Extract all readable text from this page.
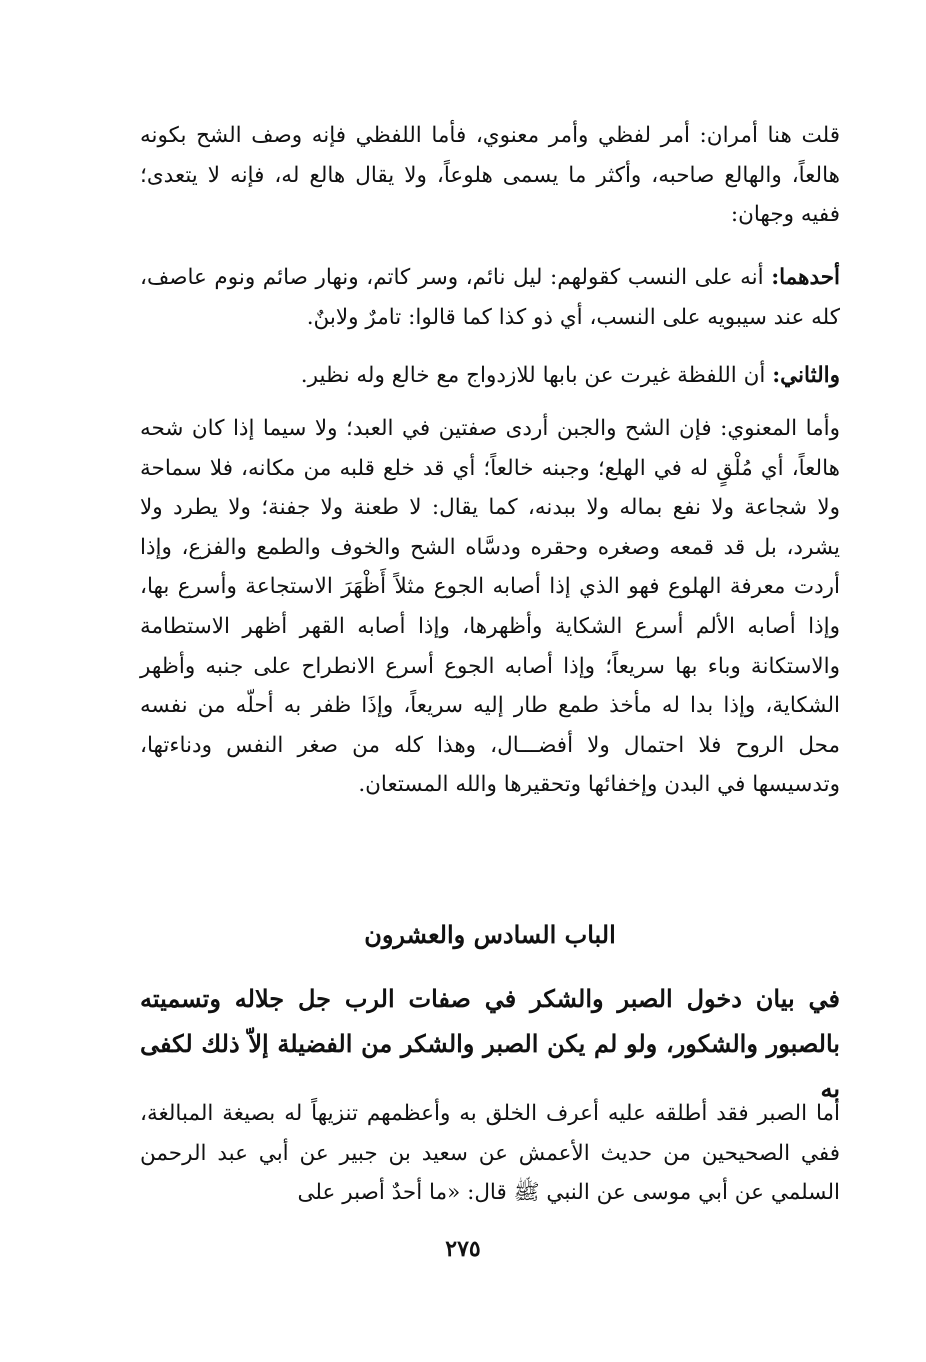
قلت هنا أمران: أمر لفظي وأمر معنوي، فأما اللفظي فإنه وصف الشح بكونه هالعاً، والهالع صاحبه، وأكثر ما يسمى هلوعاً، ولا يقال هالع له، فإنه لا يتعدى؛ ففيه وجهان:

أحدهما: أنه على النسب كقولهم: ليل نائم، وسر كاتم، ونهار صائم ونوم عاصف، كله عند سيبويه على النسب، أي ذو كذا كما قالوا: تامرٌ ولابنٌ.

والثاني: أن اللفظة غيرت عن بابها للازدواج مع خالع وله نظير.

وأما المعنوي: فإن الشح والجبن أردى صفتين في العبد؛ ولا سيما إذا كان شحه هالعاً، أي مُلْقٍ له في الهلع؛ وجبنه خالعاً؛ أي قد خلع قلبه من مكانه، فلا سماحة ولا شجاعة ولا نفع بماله ولا ببدنه، كما يقال: لا طعنة ولا جفنة؛ ولا يطرد ولا يشرد، بل قد قمعه وصغره وحقره ودسَّاه الشح والخوف والطمع والفزع، وإذا أردت معرفة الهلوع فهو الذي إذا أصابه الجوع مثلاً أَظْهَرَ الاستجاعة وأسرع بها، وإذا أصابه الألم أسرع الشكاية وأظهرها، وإذا أصابه القهر أظهر الاستطامة والاستكانة وباء بها سريعاً؛ وإذا أصابه الجوع أسرع الانطراح على جنبه وأظهر الشكاية، وإذا بدا له مأخذ طمع طار إليه سريعاً، وإذَا ظفر به أحلّه من نفسه محل الروح فلا احتمال ولا أفضـــال، وهذا كله من صغر النفس ودناءتها، وتدسيسها في البدن وإخفائها وتحقيرها والله المستعان.

الباب السادس والعشرون
في بيان دخول الصبر والشكر في صفات الرب جل جلاله وتسميته بالصبور والشكور، ولو لم يكن الصبر والشكر من الفضيلة إلاّ ذلك لكفى به

أما الصبر فقد أطلقه عليه أعرف الخلق به وأعظمهم تنزيهاً له بصيغة المبالغة، ففي الصحيحين من حديث الأعمش عن سعيد بن جبير عن أبي عبد الرحمن السلمي عن أبي موسى عن النبي ﷺ قال: «ما أحدٌ أصبر على

٢٧٥
